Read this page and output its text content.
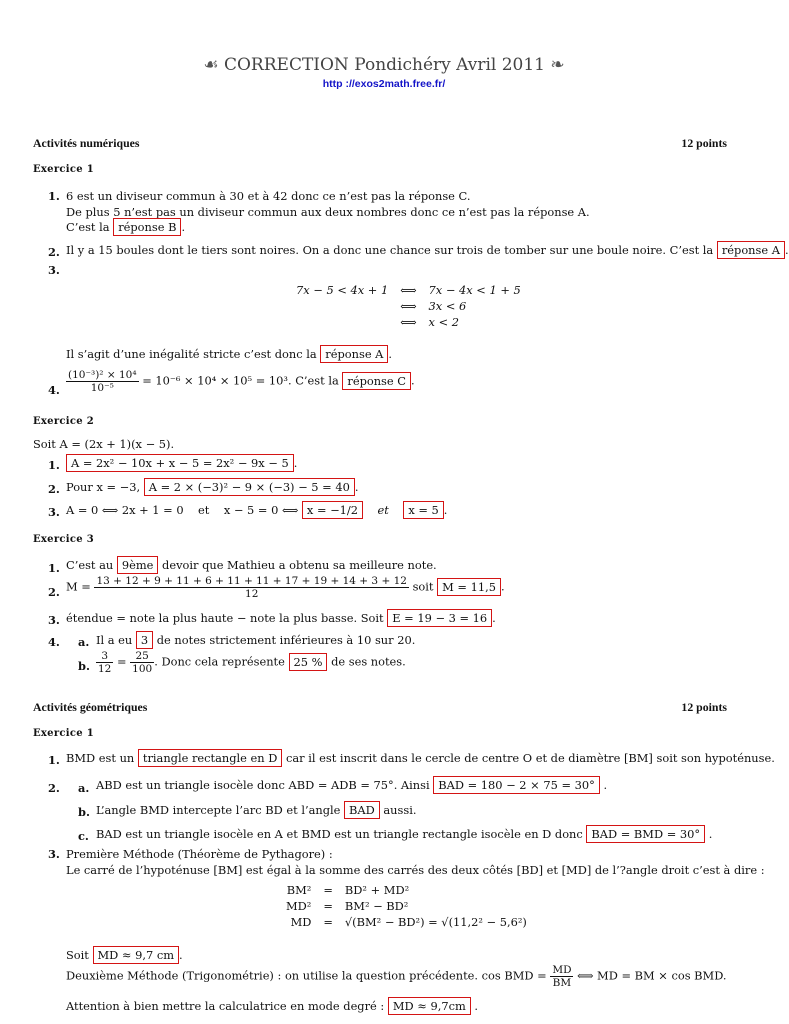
☙ CORRECTION Pondichéry Avril 2011 ❧
http ://exos2math.free.fr/
Activités numériques	12 points
Exercice 1
1. 6 est un diviseur commun à 30 et à 42 donc ce n’est pas la réponse C.
De plus 5 n’est pas un diviseur commun aux deux nombres donc ce n’est pas la réponse A.
C’est la réponse B .
2. Il y a 15 boules dont le tiers sont noires. On a donc une chance sur trois de tomber sur une boule noire. C’est la réponse A .
3.
7x − 5 < 4x + 1	⟺	7x − 4x < 1 + 5
	⟺	3x < 6
	⟺	x < 2
Il s’agit d’une inégalité stricte c’est donc la réponse A .
4. $\frac{\text{(10⁻³)² × 10⁴}}{\text{10⁻⁵}} = 10^{-6} \times 10^4 \times 10^5 = 10^3$. C’est la réponse C .
Exercice 2
Soit A = (2x + 1)(x − 5).
1. A = 2x² − 10x + x − 5 = 2x² − 9x − 5 .
2. Pour x = −3, A = 2 × (−3)² − 9 × (−3) − 5 = 40 .
3. A = 0 ⟺ 2x + 1 = 0    et    x − 5 = 0 ⟺ x = −1/2 et x = 5 .
Exercice 3
1. C’est au 9ème devoir que Mathieu a obtenu sa meilleure note.
2. $M = \frac{13 + 12 + 9 + 11 + 6 + 11 + 11 + 17 + 19 + 14 + 3 + 12}{12}$ soit M = 11,5 .
3. étendue = note la plus haute − note la plus basse. Soit E = 19 − 3 = 16 .
4. a. Il a eu 3 de notes strictement inférieures à 10 sur 20.
b. $\frac{3}{12} = \frac{25}{100}$ . Donc cela représente 25 % de ses notes.
Activités géométriques	12 points
Exercice 1
1. BMD est un triangle rectangle en D car il est inscrit dans le cercle de centre O et de diamètre [BM] soit son hypoténuse.
2. a. ABD est un triangle isocèle donc ABD = ADB = 75°. Ainsi BAD = 180 − 2 × 75 = 30° .
b. L’angle BMD intercepte l’arc BD et l’angle BAD aussi.
c. BAD est un triangle isocèle en A et BMD est un triangle rectangle isocèle en D donc BAD = BMD = 30° .
3. Première Méthode (Théorème de Pythagore) :
Le carré de l’hypoténuse [BM] est égal à la somme des carrés des deux côtés [BD] et [MD] de l’?angle droit c’est à dire :
BM²	=	BD² + MD²
MD²	=	BM² − BD²
MD	=	√(BM² − BD²) = √(11,2² − 5,6²)
Soit MD ≈ 9,7 cm .
Deuxième Méthode (Trigonométrie) : on utilise la question précédente. cos BMD = $\frac{MD}{BM}$ ⟺ MD = BM × cos BMD.
Attention à bien mettre la calculatrice en mode degré : MD ≈ 9,7cm .
